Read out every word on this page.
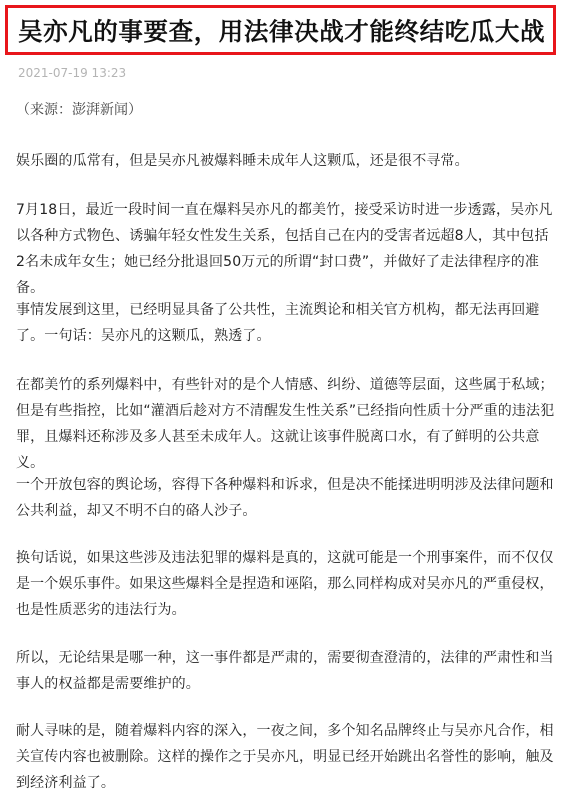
吴亦凡的事要查，用法律决战才能终结吃瓜大战
2021-07-19 13:23
（来源：澎湃新闻）

娱乐圈的瓜常有，但是吴亦凡被爆料睡未成年人这颗瓜，还是很不寻常。

7月18日，最近一段时间一直在爆料吴亦凡的都美竹，接受采访时进一步透露，吴亦凡以各种方式物色、诱骗年轻女性发生关系，包括自己在内的受害者远超8人，其中包括2名未成年女生；她已经分批退回50万元的所谓“封口费”，并做好了走法律程序的准备。

事情发展到这里，已经明显具备了公共性，主流舆论和相关官方机构，都无法再回避了。一句话：吴亦凡的这颗瓜，熟透了。

在都美竹的系列爆料中，有些针对的是个人情感、纠纷、道德等层面，这些属于私域；但是有些指控，比如“灌酒后趁对方不清醒发生性关系”已经指向性质十分严重的违法犯罪，且爆料还称涉及多人甚至未成年人。这就让该事件脱离口水，有了鲜明的公共意义。

一个开放包容的舆论场，容得下各种爆料和诉求，但是决不能揉进明明涉及法律问题和公共利益，却又不明不白的硌人沙子。

换句话说，如果这些涉及违法犯罪的爆料是真的，这就可能是一个刑事案件，而不仅仅是一个娱乐事件。如果这些爆料全是捏造和诬陷，那么同样构成对吴亦凡的严重侵权，也是性质恶劣的违法行为。

所以，无论结果是哪一种，这一事件都是严肃的，需要彻查澄清的，法律的严肃性和当事人的权益都是需要维护的。

耐人寻味的是，随着爆料内容的深入，一夜之间，多个知名品牌终止与吴亦凡合作，相关宣传内容也被删除。这样的操作之于吴亦凡，明显已经开始跳出名誉性的影响，触及到经济利益了。
